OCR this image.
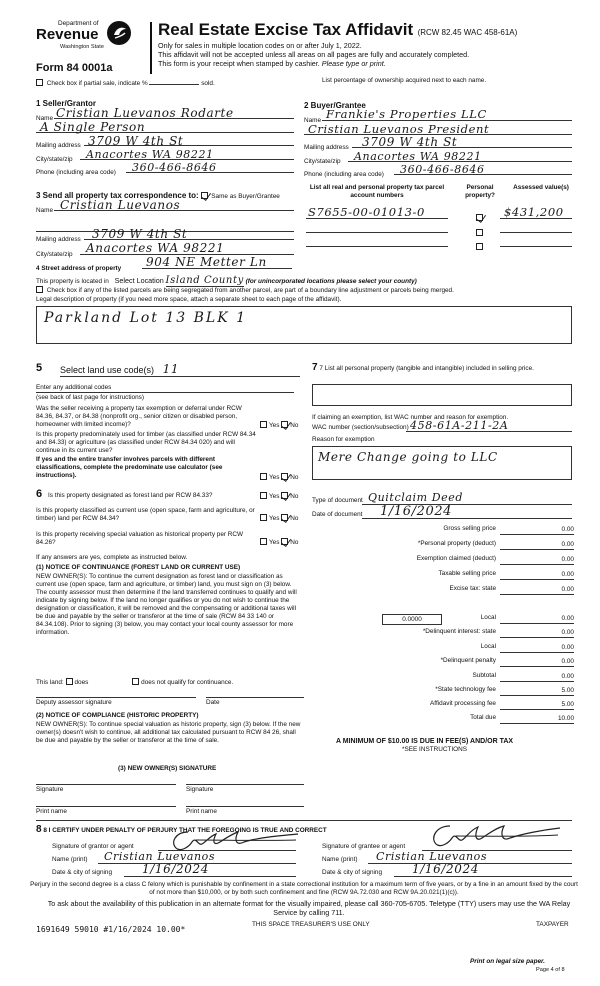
Department of
Revenue
Washington State
Form 84 0001a
Real Estate Excise Tax Affidavit (RCW 82.45 WAC 458-61A)
Only for sales in multiple location codes on or after July 1, 2022.
This affidavit will not be accepted unless all areas on all pages are fully and accurately completed.
This form is your receipt when stamped by cashier. Please type or print.
Check box if partial sale, indicate %	sold.	List percentage of ownership acquired next to each name.
1 Seller/Grantor
Name Cristian Luevanos Rodarte
A Single Person
Mailing address 3709 W 4th St
City/state/zip Anacortes WA 98221
Phone (including area code) 360-466-8646
2 Buyer/Grantee
Name Frankie's Properties LLC
Cristian Luevanos President
Mailing address 3709 W 4th St
City/state/zip Anacortes WA 98221
Phone (including area code) 360-466-8646
3 Send all property tax correspondence to: Same as Buyer/Grantee
Name Cristian Luevanos
Mailing address 3709 W 4th St
City/state/zip Anacortes WA 98221
List all real and personal property tax parcel account numbers
Personal property?
Assessed value(s)
S7655-00-01013-0	$431,200
4 Street address of property 904 NE Metter Ln
This property is located in Select Location Island County (for unincorporated locations please select your county)
Check box if any of the listed parcels are being segregated from another parcel, are part of a boundary line adjustment or parcels being merged.
Legal description of property (if you need more space, attach a separate sheet to each page of the affidavit).
Parkland Lot 13 BLK 1
5 Select land use code(s) 11
Enter any additional codes
(see back of last page for instructions)
Was the seller receiving a property tax exemption or deferral under RCW 84.36, 84.37, or 84.38 (nonprofit org., senior citizen or disabled person, homeowner with limited income)?	Yes No
Is this property predominately used for timber (as classified under RCW 84.34 and 84.33) or agriculture (as classified under RCW 84.34 020) and will continue in its current use?
If yes and the entire transfer involves parcels with different classifications, complete the predominate use calculator (see instructions).	Yes No
6 Is this property designated as forest land per RCW 84.33?	Yes No
Is this property classified as current use (open space, farm and agriculture, or timber) land per RCW 84.34?	Yes No
Is this property receiving special valuation as historical property per RCW 84.26?	Yes No
If any answers are yes, complete as instructed below.
(1) NOTICE OF CONTINUANCE (FOREST LAND OR CURRENT USE)
NEW OWNER(S): To continue the current designation as forest land or classification as current use (open space, farm and agriculture, or timber) land, you must sign on (3) below. The county assessor must then determine if the land transferred continues to qualify and will indicate by signing below. If the land no longer qualifies or you do not wish to continue the designation or classification, it will be removed and the compensating or additional taxes will be due and payable by the seller or transferor at the time of sale (RCW 84 33 140 or 84.34.108). Prior to signing (3) below, you may contact your local county assessor for more information.
This land: does	does not qualify for continuance.
Deputy assessor signature	Date
(2) NOTICE OF COMPLIANCE (HISTORIC PROPERTY)
NEW OWNER(S): To continue special valuation as historic property, sign (3) below. If the new owner(s) doesn't wish to continue, all additional tax calculated pursuant to RCW 84 26, shall be due and payable by the seller or transferor at the time of sale.
(3) NEW OWNER(S) SIGNATURE
Signature	Signature
Print name	Print name
7 7 List all personal property (tangible and intangible) included in selling price.
If claiming an exemption, list WAC number and reason for exemption.
WAC number (section/subsection) 458-61A-211-2A
Reason for exemption
Mere Change going to LLC
Type of document Quitclaim Deed
Date of document 1/16/2024
Gross selling price	0.00
*Personal property (deduct)	0.00
Exemption claimed (deduct)	0.00
Taxable selling price	0.00
Excise tax: state	0.00
0.0000	Local	0.00
*Delinquent interest: state	0.00
Local	0.00
*Delinquent penalty	0.00
Subtotal	0.00
*State technology fee	5.00
Affidavit processing fee	5.00
Total due	10.00
A MINIMUM OF $10.00 IS DUE IN FEE(S) AND/OR TAX
*SEE INSTRUCTIONS
8 8 I CERTIFY UNDER PENALTY OF PERJURY THAT THE FOREGOING IS TRUE AND CORRECT
Signature of grantor or agent
Name (print) Cristian Luevanos
Date & city of signing 1/16/2024
Signature of grantee or agent
Name (print) Cristian Luevanos
Date & city of signing 1/16/2024
Perjury in the second degree is a class C felony which is punishable by confinement in a state correctional institution for a maximum term of five years, or by a fine in an amount fixed by the court of not more than $10,000, or by both such confinement and fine (RCW 9A.72.030 and RCW 9A.20.021(1)(c)).
To ask about the availability of this publication in an alternate format for the visually impaired, please call 360-705-6705. Teletype (TTY) users may use the WA Relay Service by calling 711.
1691649 59010 #1/16/2024 10.00*
THIS SPACE TREASURER'S USE ONLY	TAXPAYER
Print on legal size paper.
Page 4 of 8
